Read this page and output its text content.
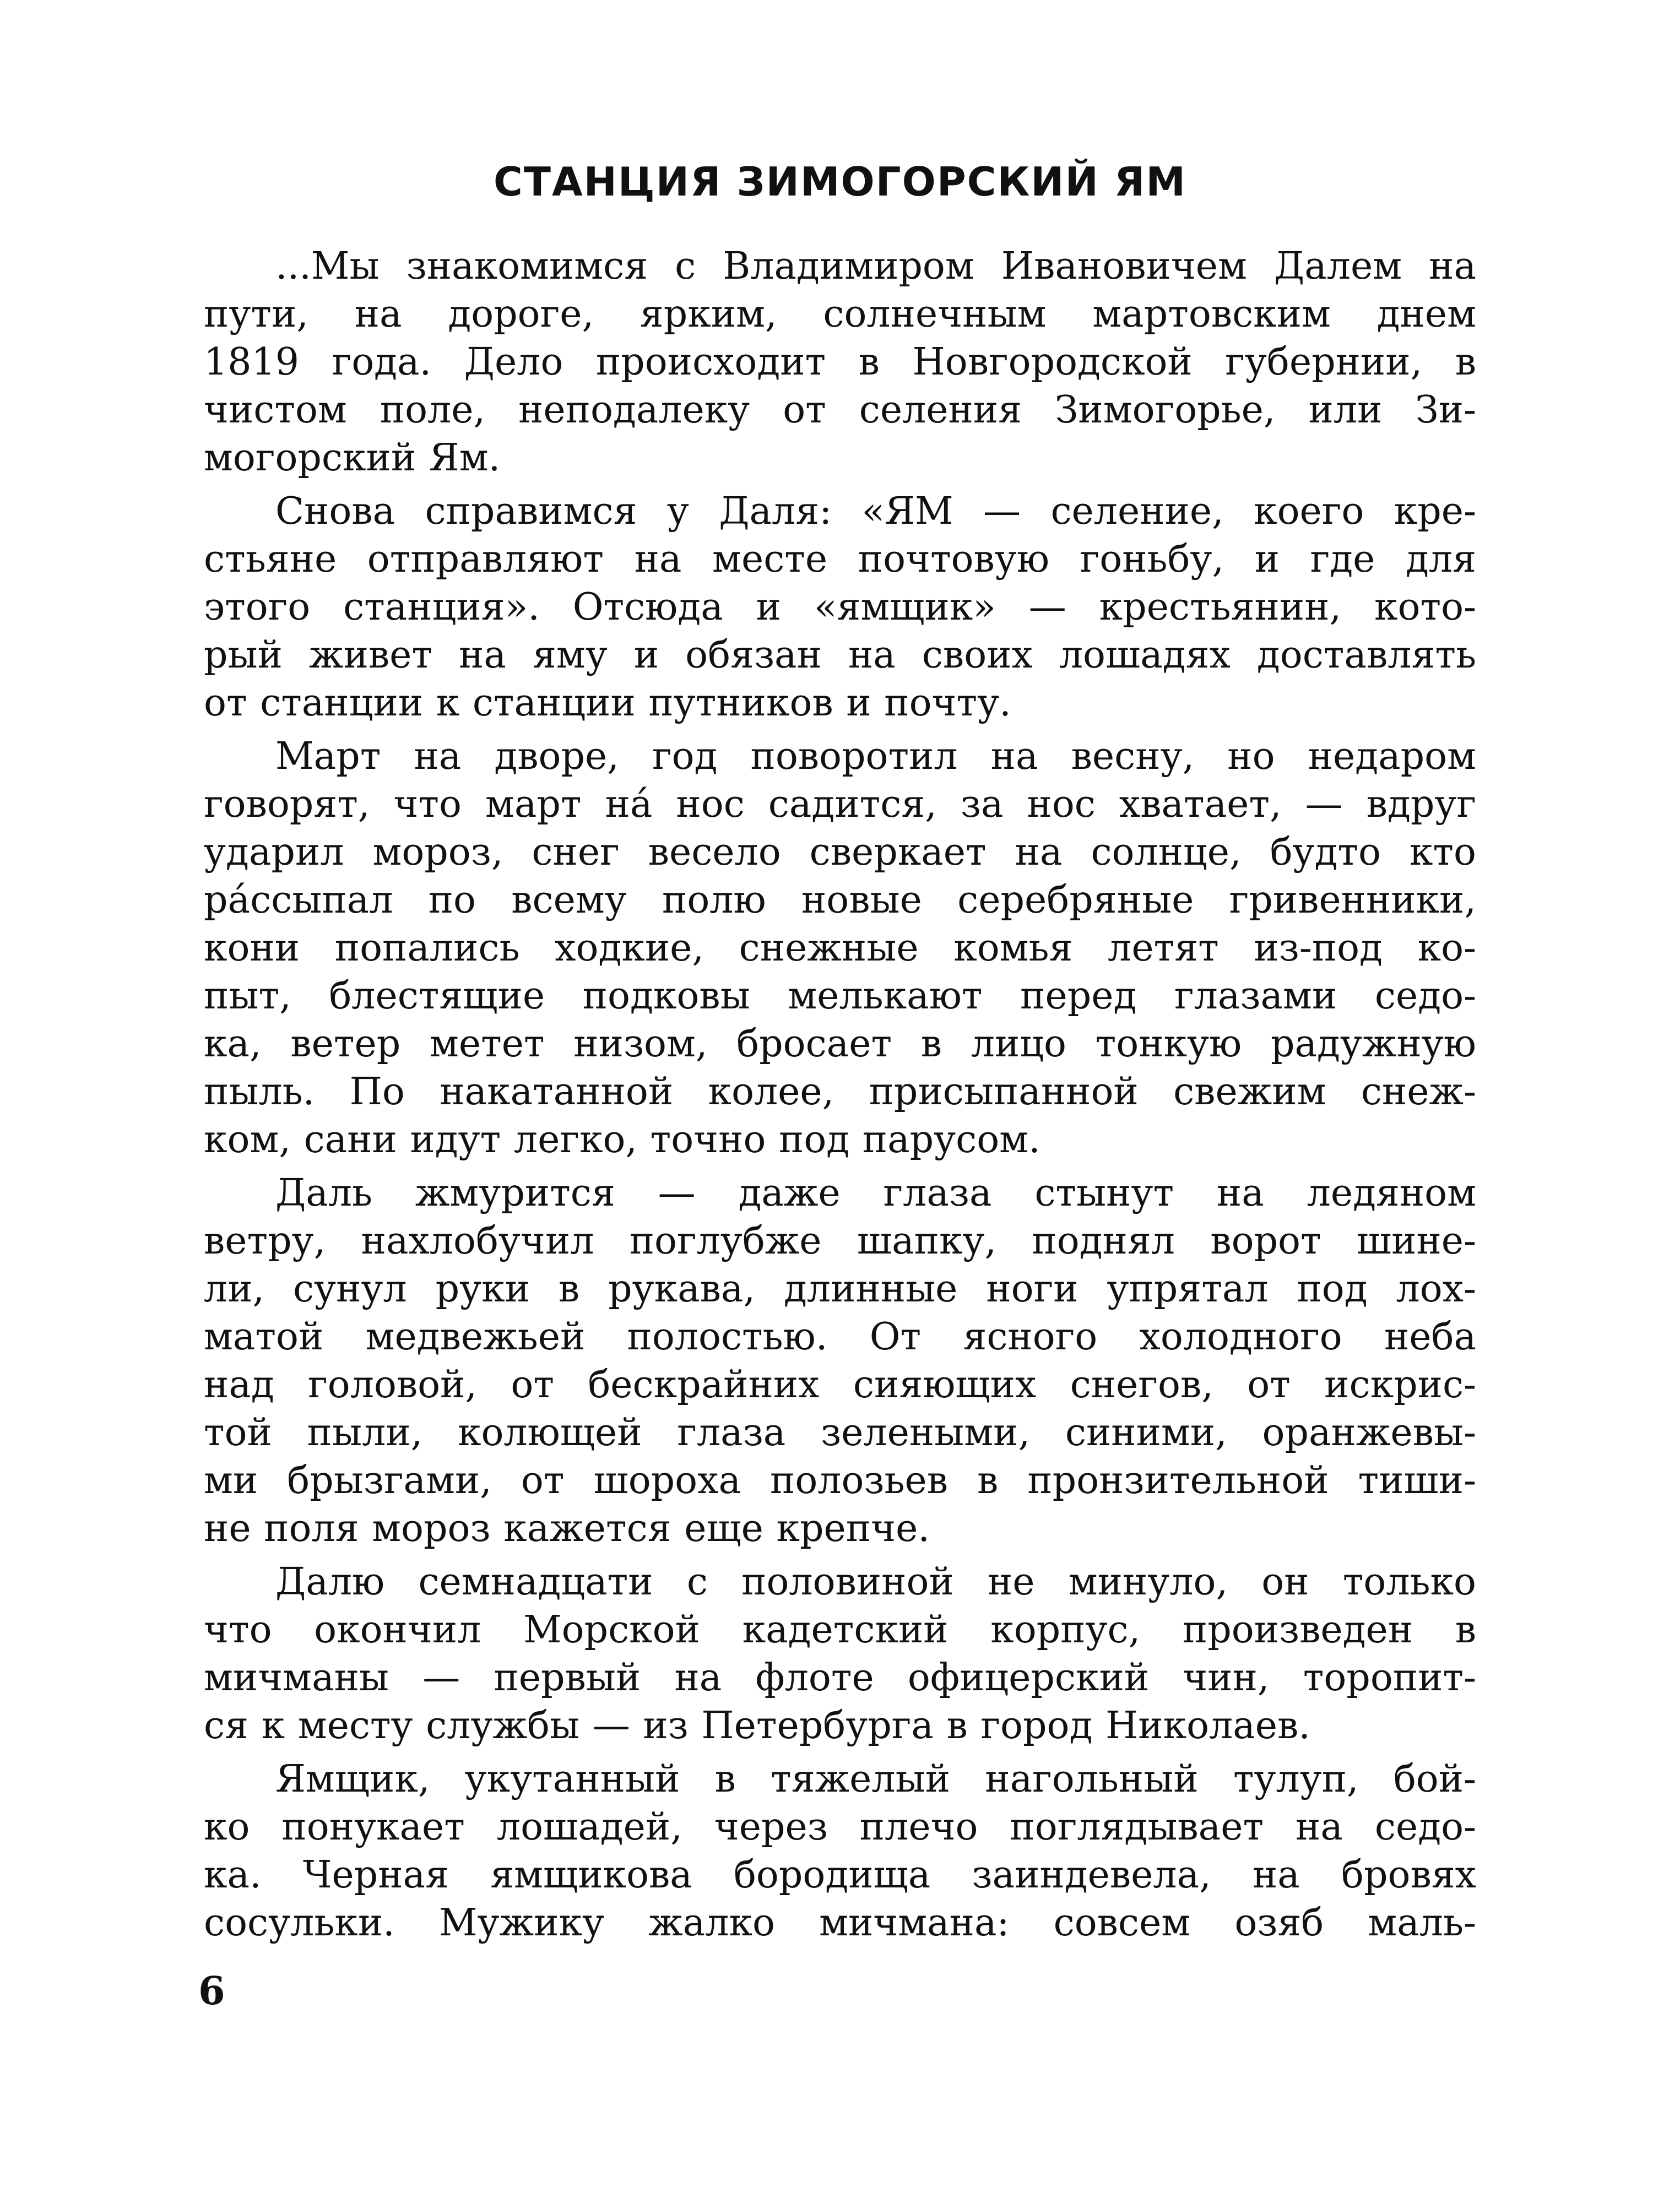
СТАНЦИЯ ЗИМОГОРСКИЙ ЯМ

...Мы знакомимся с Владимиром Ивановичем Далем на
пути, на дороге, ярким, солнечным мартовским днем
1819 года. Дело происходит в Новгородской губернии, в
чистом поле, неподалеку от селения Зимогорье, или Зи-
могорский Ям.

Снова справимся у Даля: «ЯМ — селение, коего кре-
стьяне отправляют на месте почтовую гоньбу, и где для
этого станция». Отсюда и «ямщик» — крестьянин, кото-
рый живет на яму и обязан на своих лошадях доставлять
от станции к станции путников и почту.

Март на дворе, год поворотил на весну, но недаром
говорят, что март на́ нос садится, за нос хватает, — вдруг
ударил мороз, снег весело сверкает на солнце, будто кто
ра́ссыпал по всему полю новые серебряные гривенники,
кони попались ходкие, снежные комья летят из-под ко-
пыт, блестящие подковы мелькают перед глазами седо-
ка, ветер метет низом, бросает в лицо тонкую радужную
пыль. По накатанной колее, присыпанной свежим снеж-
ком, сани идут легко, точно под парусом.

Даль жмурится — даже глаза стынут на ледяном
ветру, нахлобучил поглубже шапку, поднял ворот шине-
ли, сунул руки в рукава, длинные ноги упрятал под лох-
матой медвежьей полостью. От ясного холодного неба
над головой, от бескрайних сияющих снегов, от искрис-
той пыли, колющей глаза зелеными, синими, оранжевы-
ми брызгами, от шороха полозьев в пронзительной тиши-
не поля мороз кажется еще крепче.

Далю семнадцати с половиной не минуло, он только
что окончил Морской кадетский корпус, произведен в
мичманы — первый на флоте офицерский чин, торопит-
ся к месту службы — из Петербурга в город Николаев.

Ямщик, укутанный в тяжелый нагольный тулуп, бой-
ко понукает лошадей, через плечо поглядывает на седо-
ка. Черная ямщикова бородища заиндевела, на бровях
сосульки. Мужику жалко мичмана: совсем озяб маль-

6
